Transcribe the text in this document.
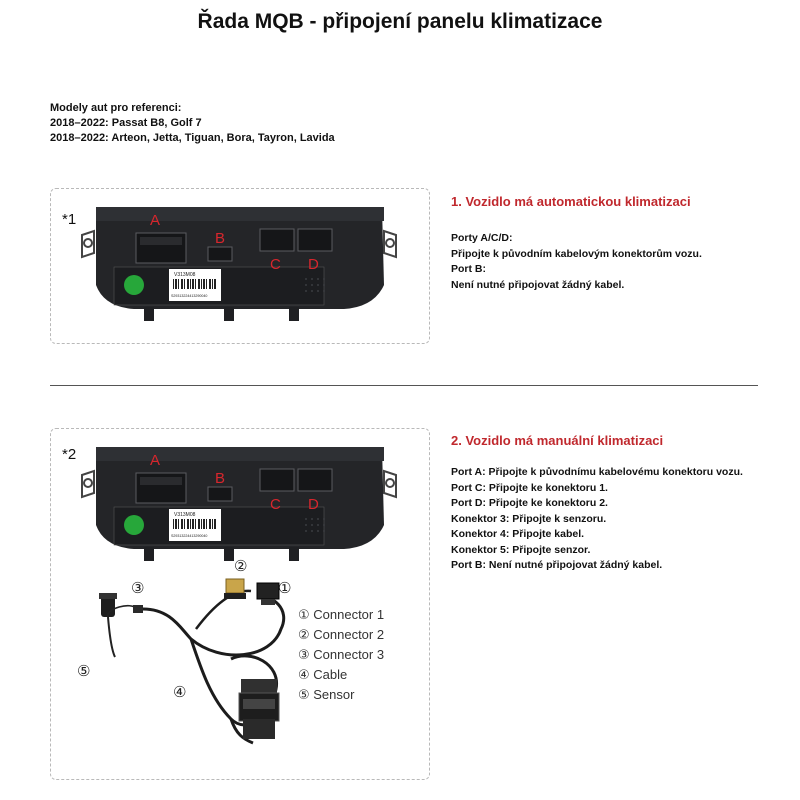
Řada MQB - připojení panelu klimatizace
Modely aut pro referenci:
2018–2022: Passat B8, Golf 7
2018–2022: Arteon, Jetta, Tiguan, Bora, Tayron, Lavida
*1
V313M08
S29313224413290040
A
B
C D
1. Vozidlo má automatickou klimatizaci
Porty A/C/D:
Připojte k původním kabelovým konektorům vozu.
Port B:
Není nutné připojovat žádný kabel.
*2
V313M08
S29313224413290040
A
B
C D
③
②
①
⑤
④
① Connector 1
② Connector 2
③ Connector 3
④ Cable
⑤ Sensor
2. Vozidlo má manuální klimatizaci
Port A: Připojte k původnímu kabelovému konektoru vozu.
Port C: Připojte ke konektoru 1.
Port D: Připojte ke konektoru 2.
Konektor 3: Připojte k senzoru.
Konektor 4: Připojte kabel.
Konektor 5: Připojte senzor.
Port B: Není nutné připojovat žádný kabel.
